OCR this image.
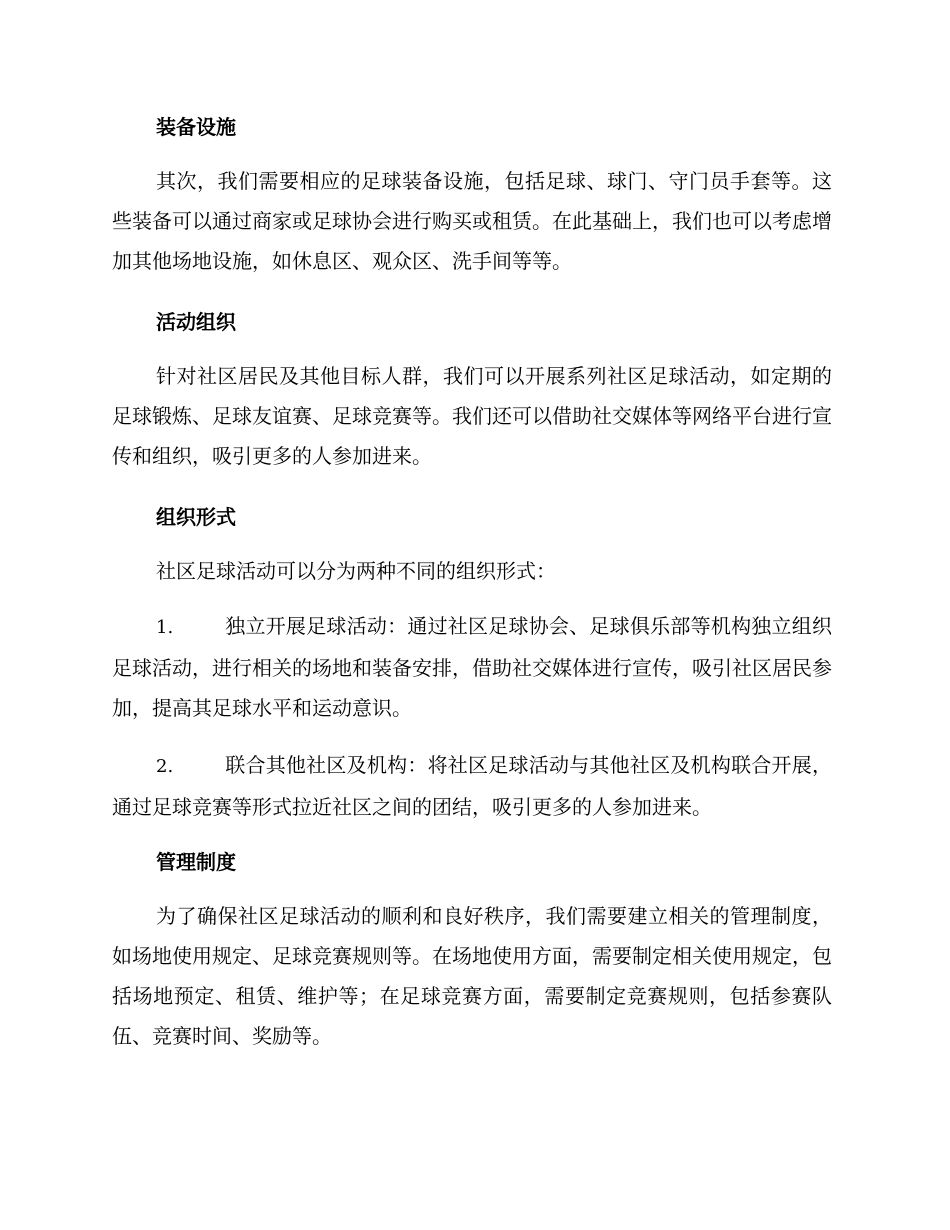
装备设施

其次，我们需要相应的足球装备设施，包括足球、球门、守门员手套等。这些装备可以通过商家或足球协会进行购买或租赁。在此基础上，我们也可以考虑增加其他场地设施，如休息区、观众区、洗手间等等。

活动组织

针对社区居民及其他目标人群，我们可以开展系列社区足球活动，如定期的足球锻炼、足球友谊赛、足球竞赛等。我们还可以借助社交媒体等网络平台进行宣传和组织，吸引更多的人参加进来。

组织形式

社区足球活动可以分为两种不同的组织形式：

1.	独立开展足球活动：通过社区足球协会、足球俱乐部等机构独立组织足球活动，进行相关的场地和装备安排，借助社交媒体进行宣传，吸引社区居民参加，提高其足球水平和运动意识。
2.	联合其他社区及机构：将社区足球活动与其他社区及机构联合开展，通过足球竞赛等形式拉近社区之间的团结，吸引更多的人参加进来。
管理制度

为了确保社区足球活动的顺利和良好秩序，我们需要建立相关的管理制度，如场地使用规定、足球竞赛规则等。在场地使用方面，需要制定相关使用规定，包括场地预定、租赁、维护等；在足球竞赛方面，需要制定竞赛规则，包括参赛队伍、竞赛时间、奖励等。
